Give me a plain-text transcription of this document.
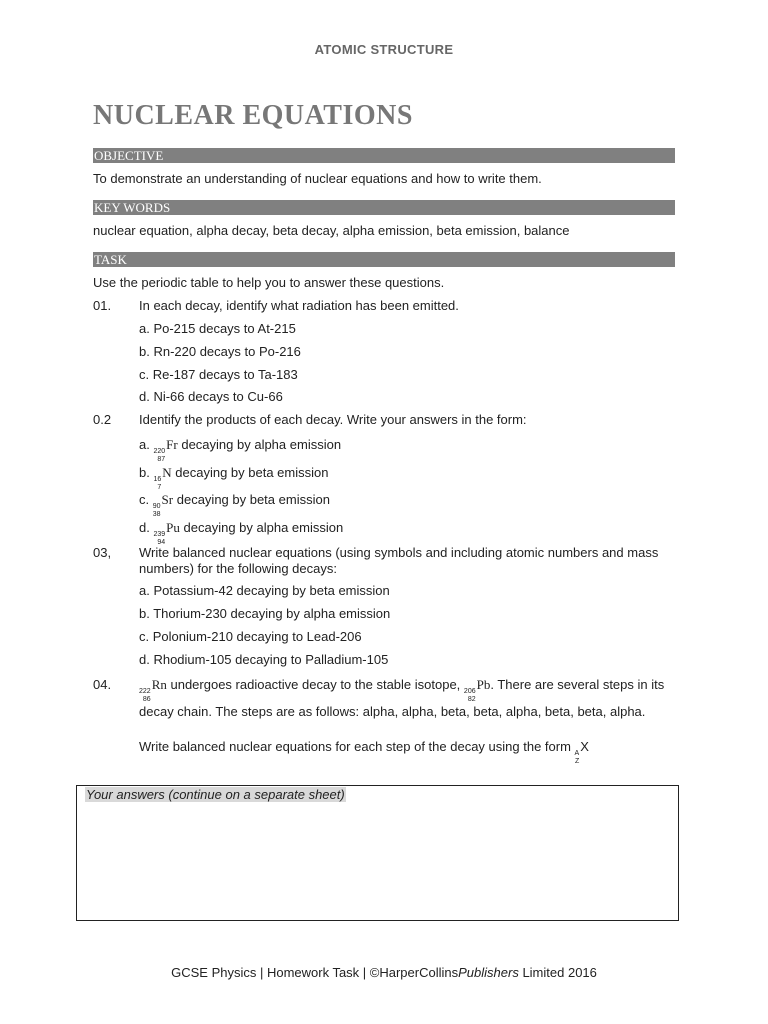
ATOMIC STRUCTURE
NUCLEAR EQUATIONS
OBJECTIVE
To demonstrate an understanding of nuclear equations and how to write them.
KEY WORDS
nuclear equation, alpha decay, beta decay, alpha emission, beta emission, balance
TASK
Use the periodic table to help you to answer these questions.
01. In each decay, identify what radiation has been emitted.
a. Po-215 decays to At-215
b. Rn-220 decays to Po-216
c. Re-187 decays to Ta-183
d. Ni-66 decays to Cu-66
0.2 Identify the products of each decay. Write your answers in the form:
a. 220
87
Fr decaying by alpha emission
b. 16
7
N decaying by beta emission
c. 90
38
Sr decaying by beta emission
d. 239
94
Pu decaying by alpha emission
03, Write balanced nuclear equations (using symbols and including atomic numbers and mass numbers) for the following decays:
a. Potassium-42 decaying by beta emission
b. Thorium-230 decaying by alpha emission
c. Polonium-210 decaying to Lead-206
d. Rhodium-105 decaying to Palladium-105
04.	222
86
Rn undergoes radioactive decay to the stable isotope, 206
82
Pb. There are several steps in its decay chain. The steps are as follows: alpha, alpha, beta, beta, alpha, beta, beta, alpha.
Write balanced nuclear equations for each step of the decay using the form A
Z
X
Your answers (continue on a separate sheet)
GCSE Physics | Homework Task | ©HarperCollinsPublishers Limited 2016
